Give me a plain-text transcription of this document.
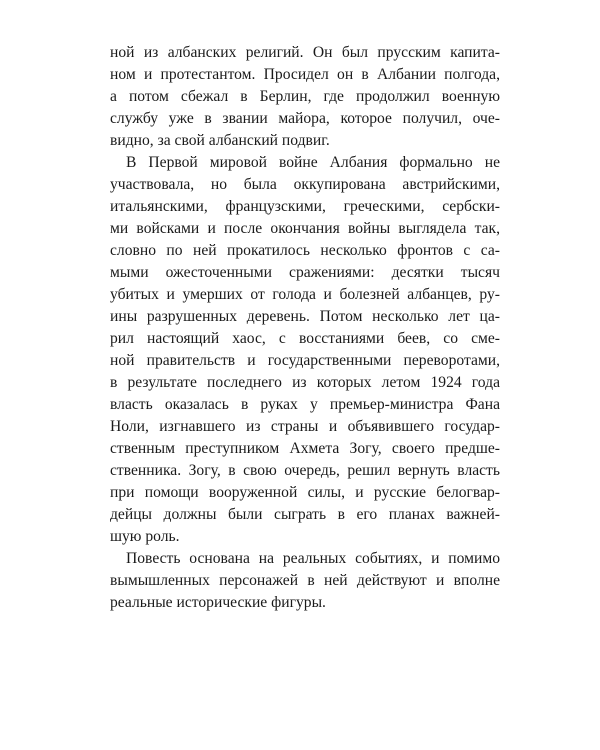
ной из албанских религий. Он был прусским капита-
ном и протестантом. Просидел он в Албании полгода,
а потом сбежал в Берлин, где продолжил военную
службу уже в звании майора, которое получил, оче-
видно, за свой албанский подвиг.

В Первой мировой войне Албания формально не
участвовала, но была оккупирована австрийскими,
итальянскими, французскими, греческими, сербски-
ми войсками и после окончания войны выглядела так,
словно по ней прокатилось несколько фронтов с са-
мыми ожесточенными сражениями: десятки тысяч
убитых и умерших от голода и болезней албанцев, ру-
ины разрушенных деревень. Потом несколько лет ца-
рил настоящий хаос, с восстаниями беев, со сме-
ной правительств и государственными переворотами,
в результате последнего из которых летом 1924 года
власть оказалась в руках у премьер-министра Фана
Ноли, изгнавшего из страны и объявившего государ-
ственным преступником Ахмета Зогу, своего предше-
ственника. Зогу, в свою очередь, решил вернуть власть
при помощи вооруженной силы, и русские белогвар-
дейцы должны были сыграть в его планах важней-
шую роль.

Повесть основана на реальных событиях, и помимо
вымышленных персонажей в ней действуют и вполне
реальные исторические фигуры.
